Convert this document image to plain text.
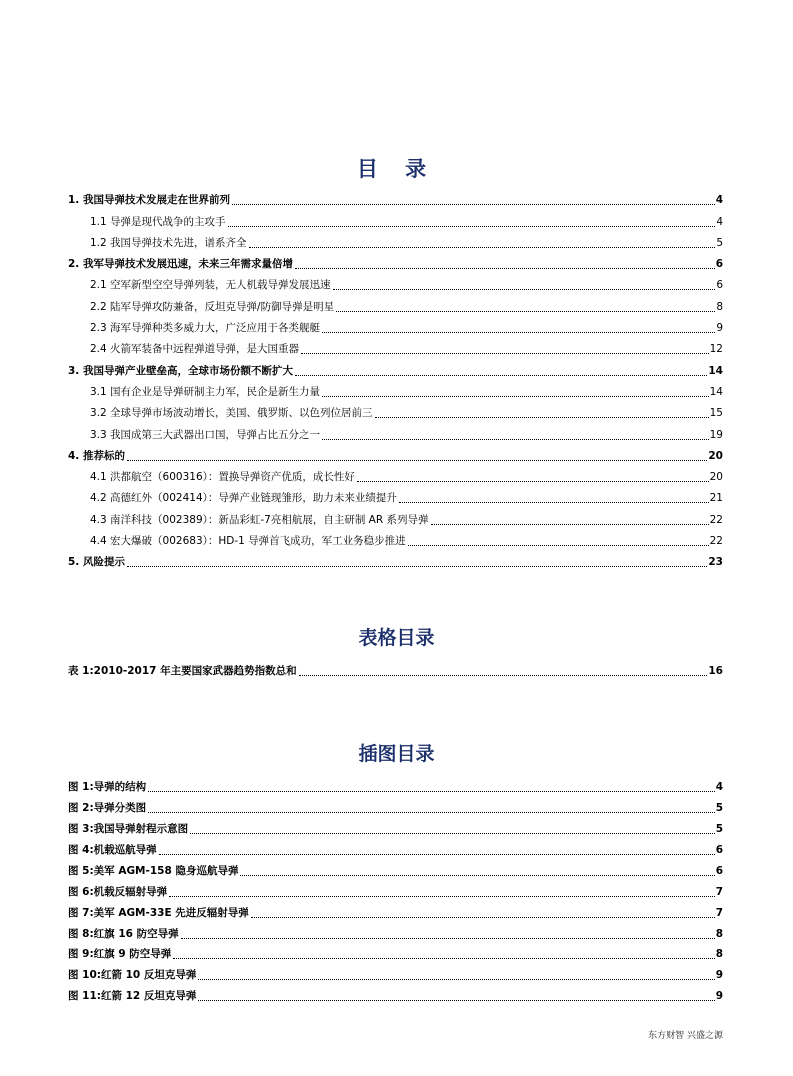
目 录
1. 我国导弹技术发展走在世界前列	4
1.1 导弹是现代战争的主攻手	4
1.2 我国导弹技术先进，谱系齐全	5
2. 我军导弹技术发展迅速，未来三年需求量倍增	6
2.1 空军新型空空导弹列装，无人机载导弹发展迅速	6
2.2 陆军导弹攻防兼备，反坦克导弹/防御导弹是明星	8
2.3 海军导弹种类多威力大，广泛应用于各类舰艇	9
2.4 火箭军装备中远程弹道导弹，是大国重器	12
3. 我国导弹产业壁垒高，全球市场份额不断扩大	14
3.1 国有企业是导弹研制主力军，民企是新生力量	14
3.2 全球导弹市场波动增长，美国、俄罗斯、以色列位居前三	15
3.3 我国成第三大武器出口国，导弹占比五分之一	19
4. 推荐标的	20
4.1 洪都航空（600316）：置换导弹资产优质，成长性好	20
4.2 高德红外（002414）：导弹产业链现雏形，助力未来业绩提升	21
4.3 南洋科技（002389）：新品彩虹-7亮相航展，自主研制 AR 系列导弹	22
4.4 宏大爆破（002683）：HD-1 导弹首飞成功，军工业务稳步推进	22
5. 风险提示	23
表格目录
表 1:2010-2017 年主要国家武器趋势指数总和	16
插图目录
图 1:导弹的结构	4
图 2:导弹分类图	5
图 3:我国导弹射程示意图	5
图 4:机载巡航导弹	6
图 5:美军 AGM-158 隐身巡航导弹	6
图 6:机载反辐射导弹	7
图 7:美军 AGM-33E 先进反辐射导弹	7
图 8:红旗 16 防空导弹	8
图 9:红旗 9 防空导弹	8
图 10:红箭 10 反坦克导弹	9
图 11:红箭 12 反坦克导弹	9
东方财智 兴盛之源
